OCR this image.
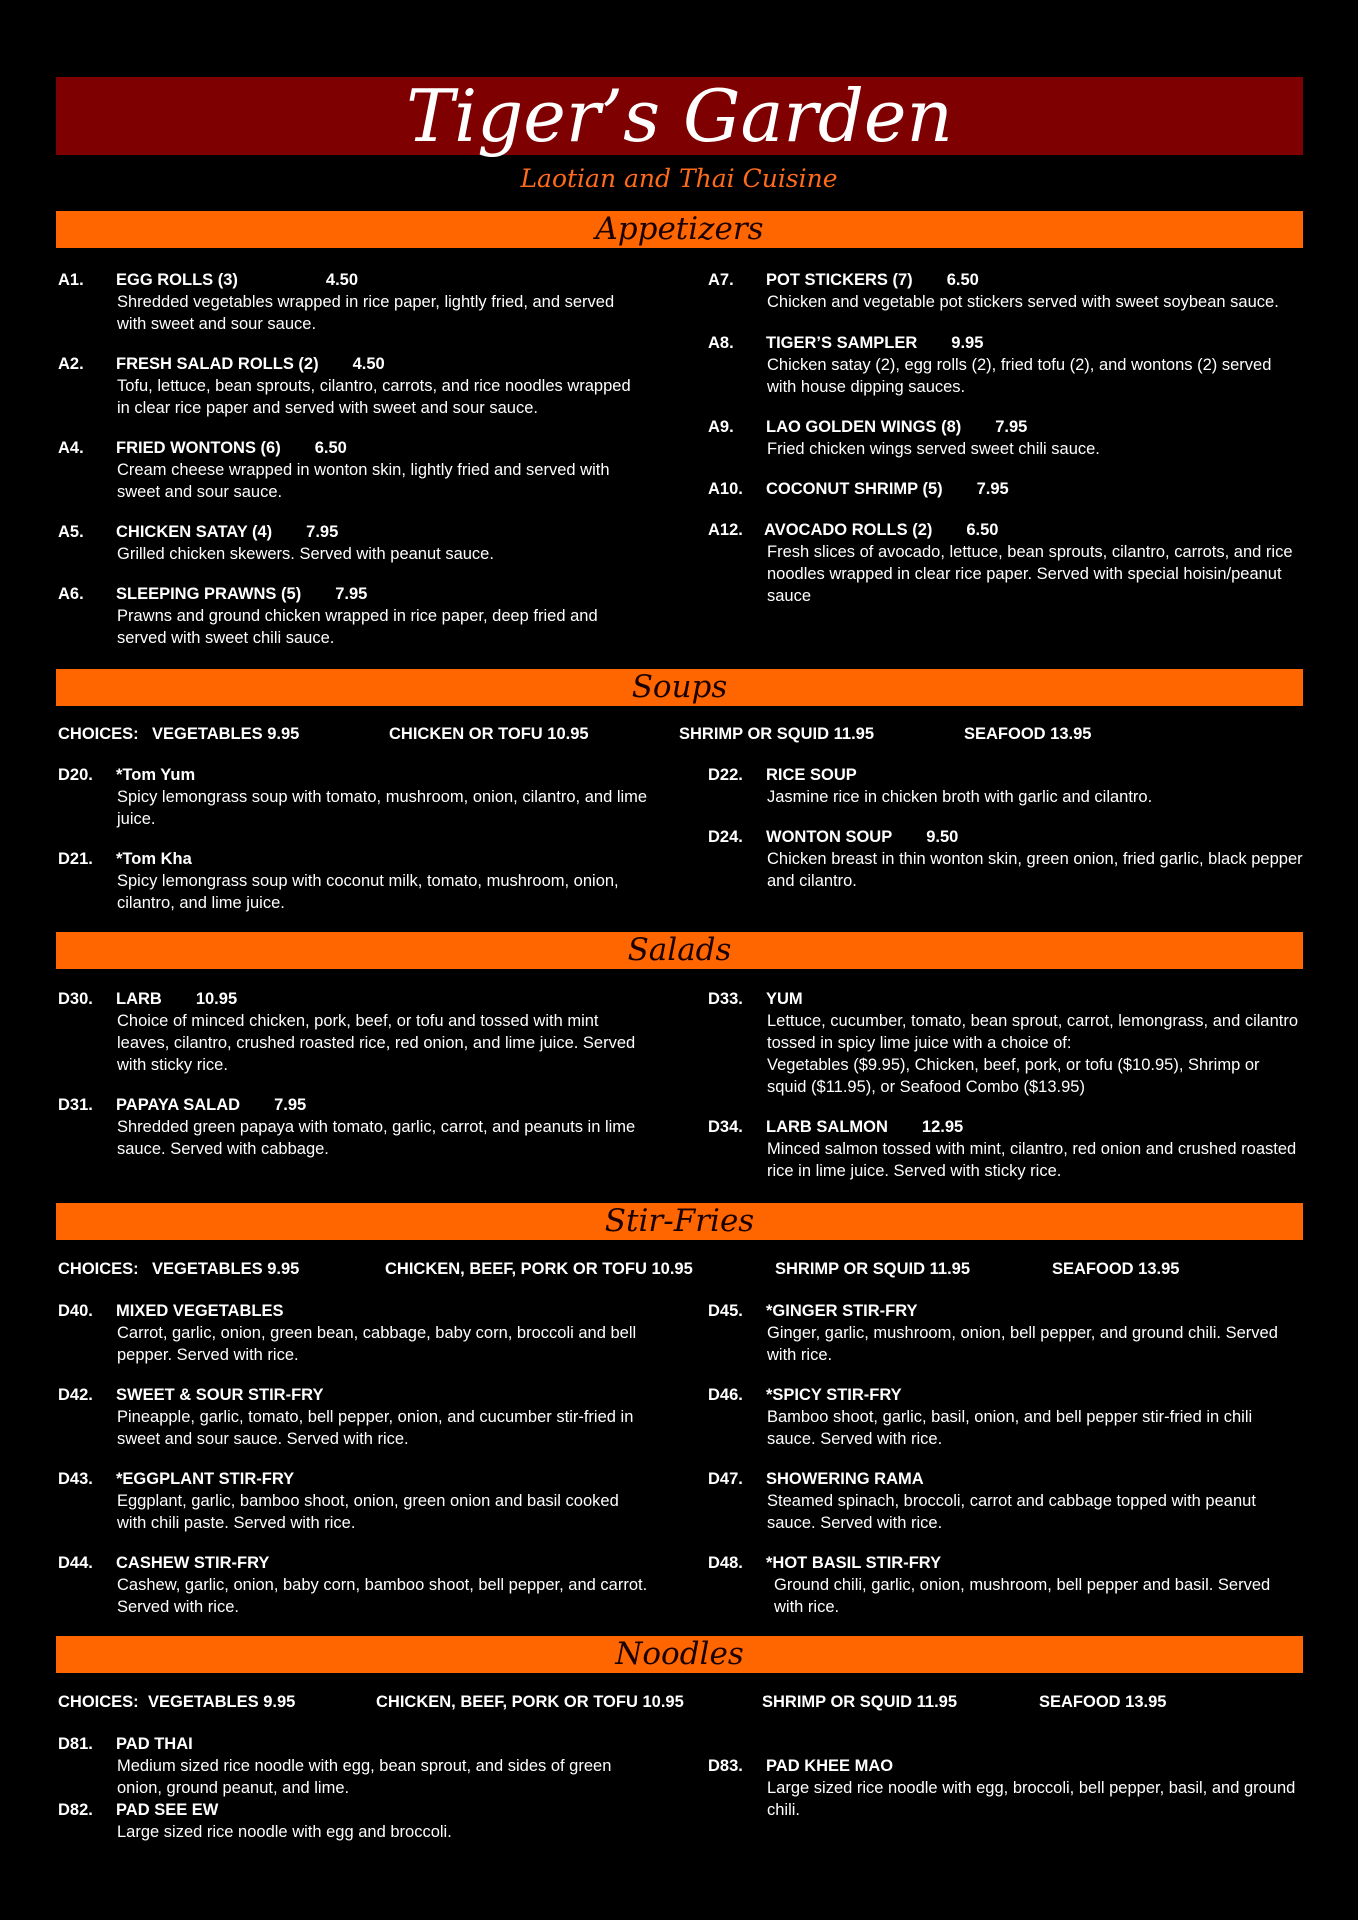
Tiger’s Garden
Laotian and Thai Cuisine
Appetizers
A1. EGG ROLLS (3)	4.50
Shredded vegetables wrapped in rice paper, lightly fried, and served with sweet and sour sauce.
A2. FRESH SALAD ROLLS (2) 4.50
Tofu, lettuce, bean sprouts, cilantro, carrots, and rice noodles wrapped in clear rice paper and served with sweet and sour sauce.
A4. FRIED WONTONS (6) 6.50
Cream cheese wrapped in wonton skin, lightly fried and served with sweet and sour sauce.
A5. CHICKEN SATAY (4) 7.95
Grilled chicken skewers. Served with peanut sauce.
A6. SLEEPING PRAWNS (5) 7.95
Prawns and ground chicken wrapped in rice paper, deep fried and served with sweet chili sauce.
A7. POT STICKERS (7) 6.50
Chicken and vegetable pot stickers served with sweet soybean sauce.
A8. TIGER’S SAMPLER 9.95
Chicken satay (2), egg rolls (2), fried tofu (2), and wontons (2) served with house dipping sauces.
A9. LAO GOLDEN WINGS (8) 7.95
Fried chicken wings served sweet chili sauce.
A10. COCONUT SHRIMP (5) 7.95
A12. AVOCADO ROLLS (2) 6.50
Fresh slices of avocado, lettuce, bean sprouts, cilantro, carrots, and rice noodles wrapped in clear rice paper. Served with special hoisin/peanut sauce
Soups
CHOICES: VEGETABLES 9.95	CHICKEN OR TOFU 10.95	SHRIMP OR SQUID 11.95	SEAFOOD 13.95
D20. *Tom Yum
Spicy lemongrass soup with tomato, mushroom, onion, cilantro, and lime juice.
D21. *Tom Kha
Spicy lemongrass soup with coconut milk, tomato, mushroom, onion, cilantro, and lime juice.
D22. RICE SOUP
Jasmine rice in chicken broth with garlic and cilantro.
D24. WONTON SOUP 9.50
Chicken breast in thin wonton skin, green onion, fried garlic, black pepper and cilantro.
Salads
D30. LARB 10.95
Choice of minced chicken, pork, beef, or tofu and tossed with mint leaves, cilantro, crushed roasted rice, red onion, and lime juice. Served with sticky rice.
D31. PAPAYA SALAD 7.95
Shredded green papaya with tomato, garlic, carrot, and peanuts in lime sauce. Served with cabbage.
D33. YUM
Lettuce, cucumber, tomato, bean sprout, carrot, lemongrass, and cilantro tossed in spicy lime juice with a choice of:
Vegetables ($9.95), Chicken, beef, pork, or tofu ($10.95), Shrimp or squid ($11.95), or Seafood Combo ($13.95)
D34. LARB SALMON 12.95
Minced salmon tossed with mint, cilantro, red onion and crushed roasted rice in lime juice. Served with sticky rice.
Stir-Fries
CHOICES: VEGETABLES 9.95	CHICKEN, BEEF, PORK OR TOFU 10.95	SHRIMP OR SQUID 11.95	SEAFOOD 13.95
D40. MIXED VEGETABLES
Carrot, garlic, onion, green bean, cabbage, baby corn, broccoli and bell pepper. Served with rice.
D42. SWEET & SOUR STIR-FRY
Pineapple, garlic, tomato, bell pepper, onion, and cucumber stir-fried in sweet and sour sauce. Served with rice.
D43. *EGGPLANT STIR-FRY
Eggplant, garlic, bamboo shoot, onion, green onion and basil cooked with chili paste. Served with rice.
D44. CASHEW STIR-FRY
Cashew, garlic, onion, baby corn, bamboo shoot, bell pepper, and carrot. Served with rice.
D45. *GINGER STIR-FRY
Ginger, garlic, mushroom, onion, bell pepper, and ground chili. Served with rice.
D46. *SPICY STIR-FRY
Bamboo shoot, garlic, basil, onion, and bell pepper stir-fried in chili sauce. Served with rice.
D47. SHOWERING RAMA
Steamed spinach, broccoli, carrot and cabbage topped with peanut sauce. Served with rice.
D48. *HOT BASIL STIR-FRY
Ground chili, garlic, onion, mushroom, bell pepper and basil. Served with rice.
Noodles
CHOICES: VEGETABLES 9.95	CHICKEN, BEEF, PORK OR TOFU 10.95	SHRIMP OR SQUID 11.95	SEAFOOD 13.95
D81. PAD THAI
Medium sized rice noodle with egg, bean sprout, and sides of green onion, ground peanut, and lime.
D82. PAD SEE EW
Large sized rice noodle with egg and broccoli.
D83. PAD KHEE MAO
Large sized rice noodle with egg, broccoli, bell pepper, basil, and ground chili.
